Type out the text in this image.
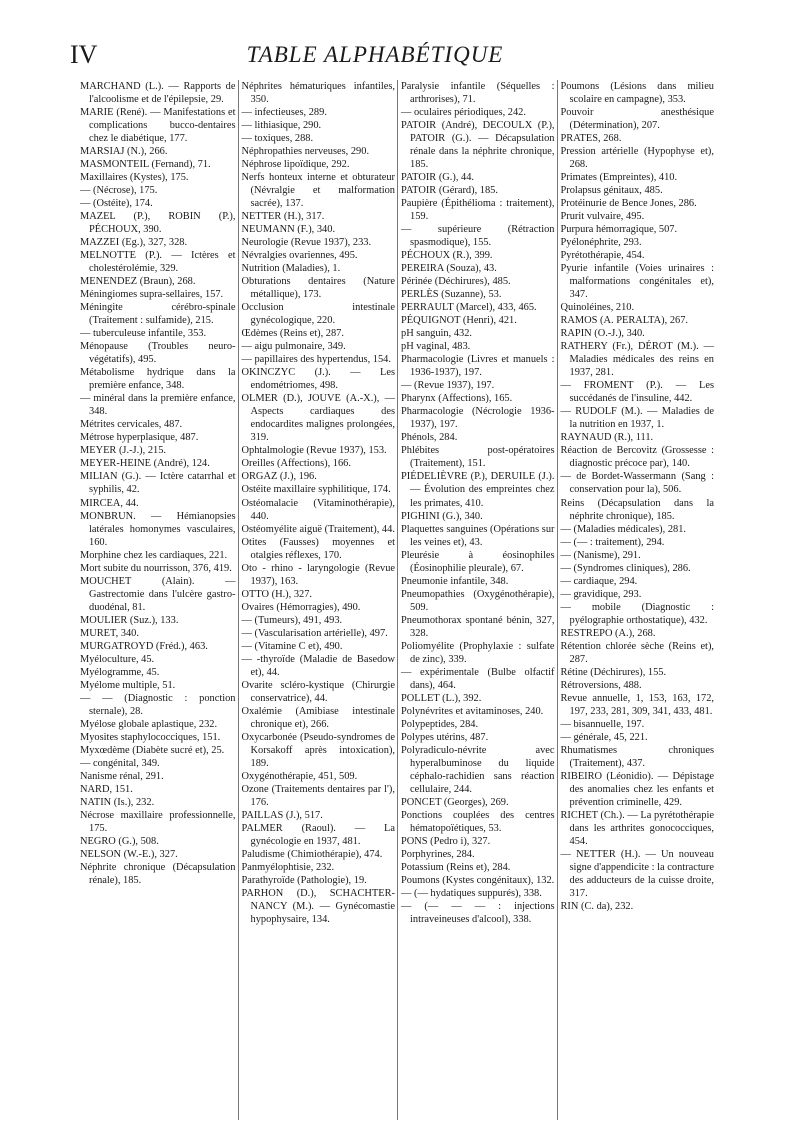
IV	TABLE ALPHABÉTIQUE

MARCHAND (L.). — Rapports de l'alcoolisme et de l'épilepsie, 29.

MARIE (René). — Manifestations et complications bucco-dentaires chez le diabétique, 177.

MARSIAJ (N.), 266.

MASMONTEIL (Fernand), 71.

Maxillaires (Kystes), 175.

— (Nécrose), 175.

— (Ostéite), 174.

MAZEL (P.), ROBIN (P.), PÉCHOUX, 390.

MAZZEI (Eg.), 327, 328.

MELNOTTE (P.). — Ictères et cholestérolémie, 329.

MENENDEZ (Braun), 268.

Méningiomes supra-sellaires, 157.

Méningite cérébro-spinale (Traitement : sulfamide), 215.

— tuberculeuse infantile, 353.

Ménopause (Troubles neuro-végétatifs), 495.

Métabolisme hydrique dans la première enfance, 348.

— minéral dans la première enfance, 348.

Métrites cervicales, 487.

Métrose hyperplasique, 487.

MEYER (J.-J.), 215.

MEYER-HEINE (André), 124.

MILIAN (G.). — Ictère catarrhal et syphilis, 42.

MIRCEA, 44.

MONBRUN. — Hémianopsies latérales homonymes vasculaires, 160.

Morphine chez les cardiaques, 221.

Mort subite du nourrisson, 376, 419.

MOUCHET (Alain). — Gastrectomie dans l'ulcère gastro-duodénal, 81.

MOULIER (Suz.), 133.

MURET, 340.

MURGATROYD (Fréd.), 463.

Myéloculture, 45.

Myélogramme, 45.

Myélome multiple, 51.

— — (Diagnostic : ponction sternale), 28.

Myélose globale aplastique, 232.

Myosites staphylococciques, 151.

Myxœdème (Diabète sucré et), 25.

— congénital, 349.

Nanisme rénal, 291.

NARD, 151.

NATIN (Is.), 232.

Nécrose maxillaire professionnelle, 175.

NEGRO (G.), 508.

NELSON (W.-E.), 327.

Néphrite chronique (Décapsulation rénale), 185.

Néphrites hématuriques infantiles, 350.

— infectieuses, 289.

— lithiasique, 290.

— toxiques, 288.

Néphropathies nerveuses, 290.

Néphrose lipoïdique, 292.

Nerfs honteux interne et obturateur (Névralgie et malformation sacrée), 137.

NETTER (H.), 317.

NEUMANN (F.), 340.

Neurologie (Revue 1937), 233.

Névralgies ovariennes, 495.

Nutrition (Maladies), 1.

Obturations dentaires (Nature métallique), 173.

Occlusion intestinale gynécologique, 220.

Œdèmes (Reins et), 287.

— aigu pulmonaire, 349.

— papillaires des hypertendus, 154.

OKINCZYC (J.). — Les endométriomes, 498.

OLMER (D.), JOUVE (A.-X.), — Aspects cardiaques des endocardites malignes prolongées, 319.

Ophtalmologie (Revue 1937), 153.

Oreilles (Affections), 166.

ORGAZ (J.), 196.

Ostéite maxillaire syphilitique, 174.

Ostéomalacie (Vitaminothérapie), 440.

Ostéomyélite aiguë (Traitement), 44.

Otites (Fausses) moyennes et otalgies réflexes, 170.

Oto - rhino - laryngologie (Revue 1937), 163.

OTTO (H.), 327.

Ovaires (Hémorragies), 490.

— (Tumeurs), 491, 493.

— (Vascularisation artérielle), 497.

— (Vitamine C et), 490.

— -thyroïde (Maladie de Basedow et), 44.

Ovarite scléro-kystique (Chirurgie conservatrice), 44.

Oxalémie (Amibiase intestinale chronique et), 266.

Oxycarbonée (Pseudo-syndromes de Korsakoff après intoxication), 189.

Oxygénothérapie, 451, 509.

Ozone (Traitements dentaires par l'), 176.

PAILLAS (J.), 517.

PALMER (Raoul). — La gynécologie en 1937, 481.

Paludisme (Chimiothérapie), 474.

Panmyélophtisie, 232.

Parathyroïde (Pathologie), 19.

PARHON (D.), SCHACHTER-NANCY (M.). — Gynécomastie hypophysaire, 134.

Paralysie infantile (Séquelles : arthrorises), 71.

— oculaires périodiques, 242.

PATOIR (André), DECOULX (P.), PATOIR (G.). — Décapsulation rénale dans la néphrite chronique, 185.

PATOIR (G.), 44.

PATOIR (Gérard), 185.

Paupière (Épithélioma : traitement), 159.

— supérieure (Rétraction spasmodique), 155.

PÉCHOUX (R.), 399.

PEREIRA (Souza), 43.

Périnée (Déchirures), 485.

PERLÈS (Suzanne), 53.

PERRAULT (Marcel), 433, 465.

PÉQUIGNOT (Henri), 421.

pH sanguin, 432.

pH vaginal, 483.

Pharmacologie (Livres et manuels : 1936-1937), 197.

— (Revue 1937), 197.

Pharynx (Affections), 165.

Pharmacologie (Nécrologie 1936-1937), 197.

Phénols, 284.

Phlébites post-opératoires (Traitement), 151.

PIÉDELIÈVRE (P.), DERUILE (J.). — Évolution des empreintes chez les primates, 410.

PIGHINI (G.), 340.

Plaquettes sanguines (Opérations sur les veines et), 43.

Pleurésie à éosinophiles (Éosinophilie pleurale), 67.

Pneumonie infantile, 348.

Pneumopathies (Oxygénothérapie), 509.

Pneumothorax spontané bénin, 327, 328.

Poliomyélite (Prophylaxie : sulfate de zinc), 339.

— expérimentale (Bulbe olfactif dans), 464.

POLLET (L.), 392.

Polynévrites et avitaminoses, 240.

Polypeptides, 284.

Polypes utérins, 487.

Polyradiculo-névrite avec hyperalbuminose du liquide céphalo-rachidien sans réaction cellulaire, 244.

PONCET (Georges), 269.

Ponctions couplées des centres hématopoïétiques, 53.

PONS (Pedro i), 327.

Porphyrines, 284.

Potassium (Reins et), 284.

Poumons (Kystes congénitaux), 132.

— (— hydatiques suppurés), 338.

— (— — — : injections intraveineuses d'alcool), 338.

Poumons (Lésions dans milieu scolaire en campagne), 353.

Pouvoir anesthésique (Détermination), 207.

PRATES, 268.

Pression artérielle (Hypophyse et), 268.

Primates (Empreintes), 410.

Prolapsus génitaux, 485.

Protéinurie de Bence Jones, 286.

Prurit vulvaire, 495.

Purpura hémorragique, 507.

Pyélonéphrite, 293.

Pyrétothérapie, 454.

Pyurie infantile (Voies urinaires : malformations congénitales et), 347.

Quinoléines, 210.

RAMOS (A. PERALTA), 267.

RAPIN (O.-J.), 340.

RATHERY (Fr.), DÉROT (M.). — Maladies médicales des reins en 1937, 281.

— FROMENT (P.). — Les succédanés de l'insuline, 442.

— RUDOLF (M.). — Maladies de la nutrition en 1937, 1.

RAYNAUD (R.), 111.

Réaction de Bercovitz (Grossesse : diagnostic précoce par), 140.

— de Bordet-Wassermann (Sang : conservation pour la), 506.

Reins (Décapsulation dans la néphrite chronique), 185.

— (Maladies médicales), 281.

— (— : traitement), 294.

— (Nanisme), 291.

— (Syndromes cliniques), 286.

— cardiaque, 294.

— gravidique, 293.

— mobile (Diagnostic : pyélographie orthostatique), 432.

RESTREPO (A.), 268.

Rétention chlorée sèche (Reins et), 287.

Rétine (Déchirures), 155.

Rétroversions, 488.

Revue annuelle, 1, 153, 163, 172, 197, 233, 281, 309, 341, 433, 481.

— bisannuelle, 197.

— générale, 45, 221.

Rhumatismes chroniques (Traitement), 437.

RIBEIRO (Léonidio). — Dépistage des anomalies chez les enfants et prévention criminelle, 429.

RICHET (Ch.). — La pyrétothérapie dans les arthrites gonococciques, 454.

— NETTER (H.). — Un nouveau signe d'appendicite : la contracture des adducteurs de la cuisse droite, 317.

RIN (C. da), 232.
